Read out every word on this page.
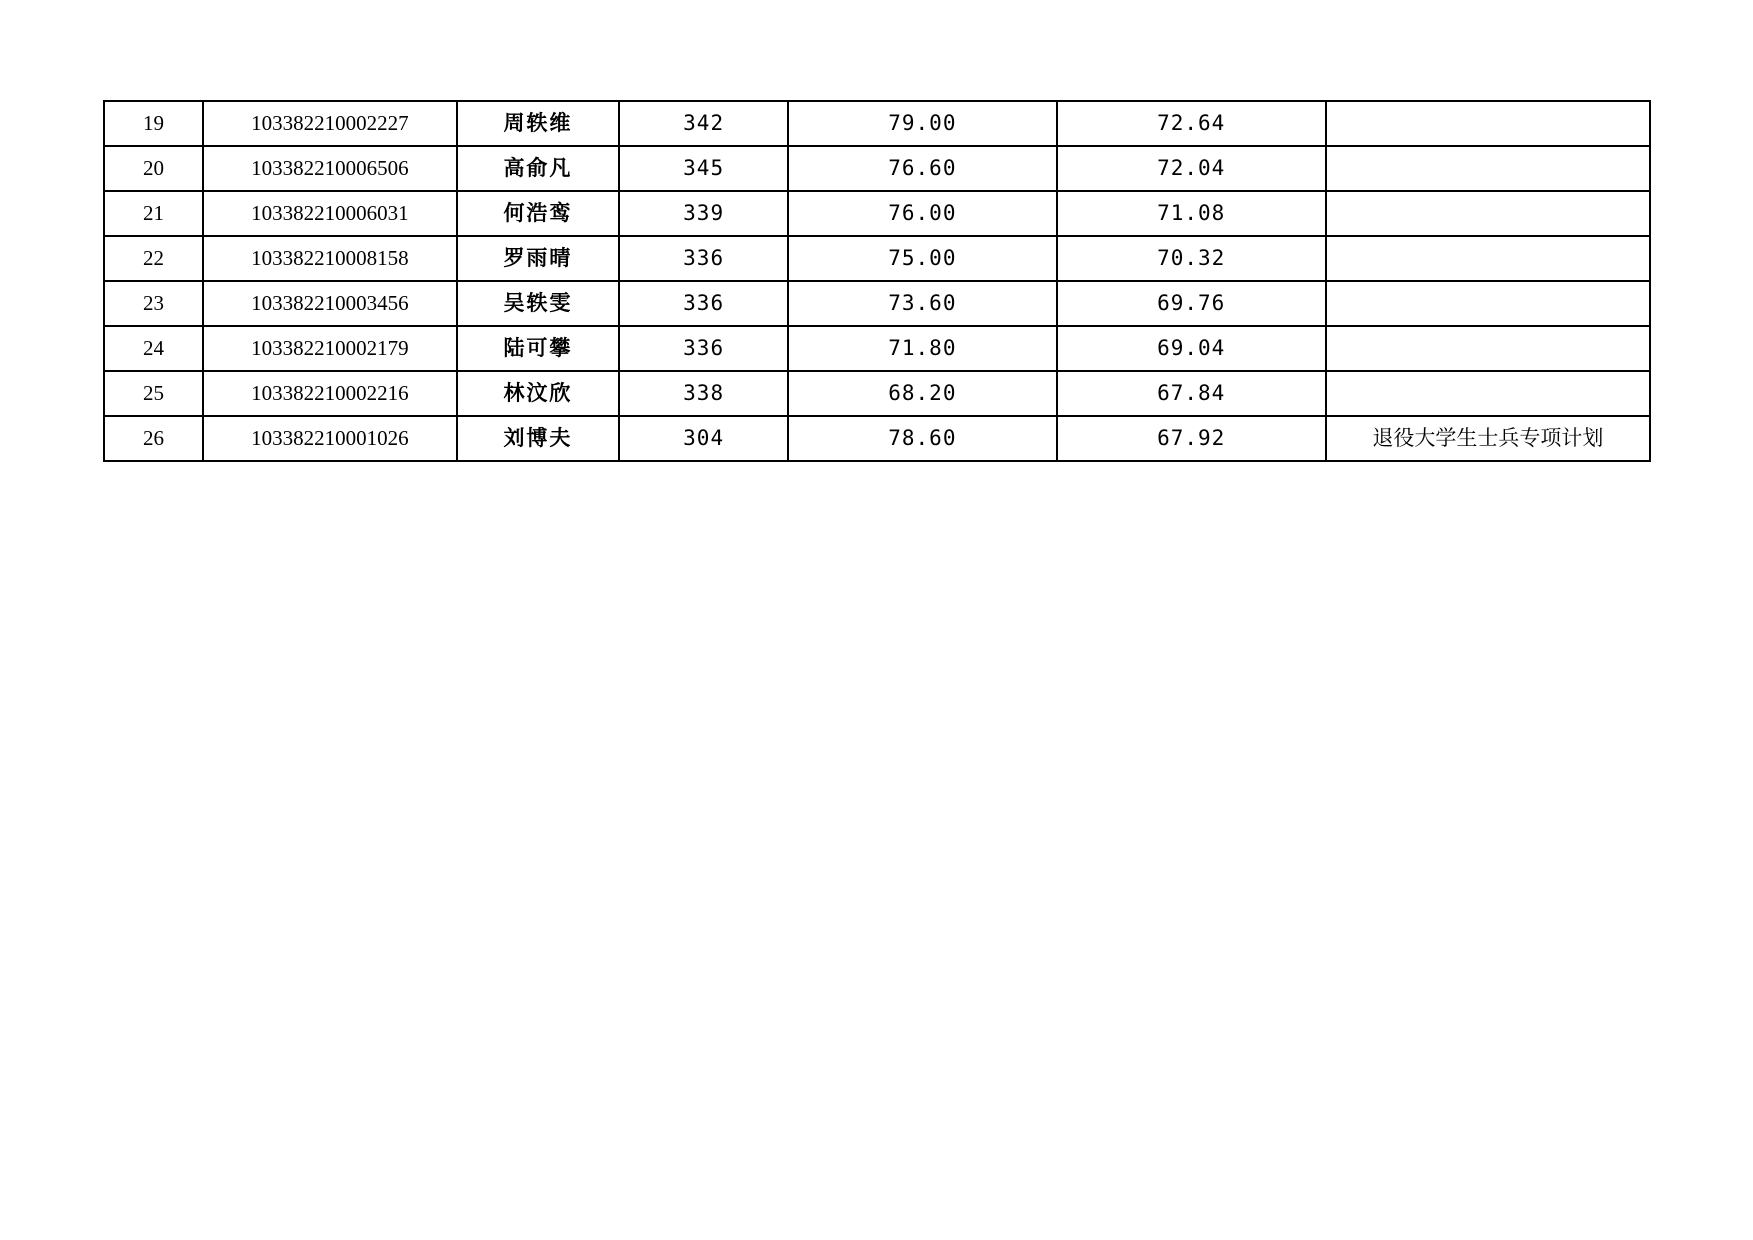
19	103382210002227	周轶维	342	79.00	72.64	
20	103382210006506	高俞凡	345	76.60	72.04	
21	103382210006031	何浩鸾	339	76.00	71.08	
22	103382210008158	罗雨晴	336	75.00	70.32	
23	103382210003456	吴轶雯	336	73.60	69.76	
24	103382210002179	陆可攀	336	71.80	69.04	
25	103382210002216	林汶欣	338	68.20	67.84	
26	103382210001026	刘博夫	304	78.60	67.92	退役大学生士兵专项计划
